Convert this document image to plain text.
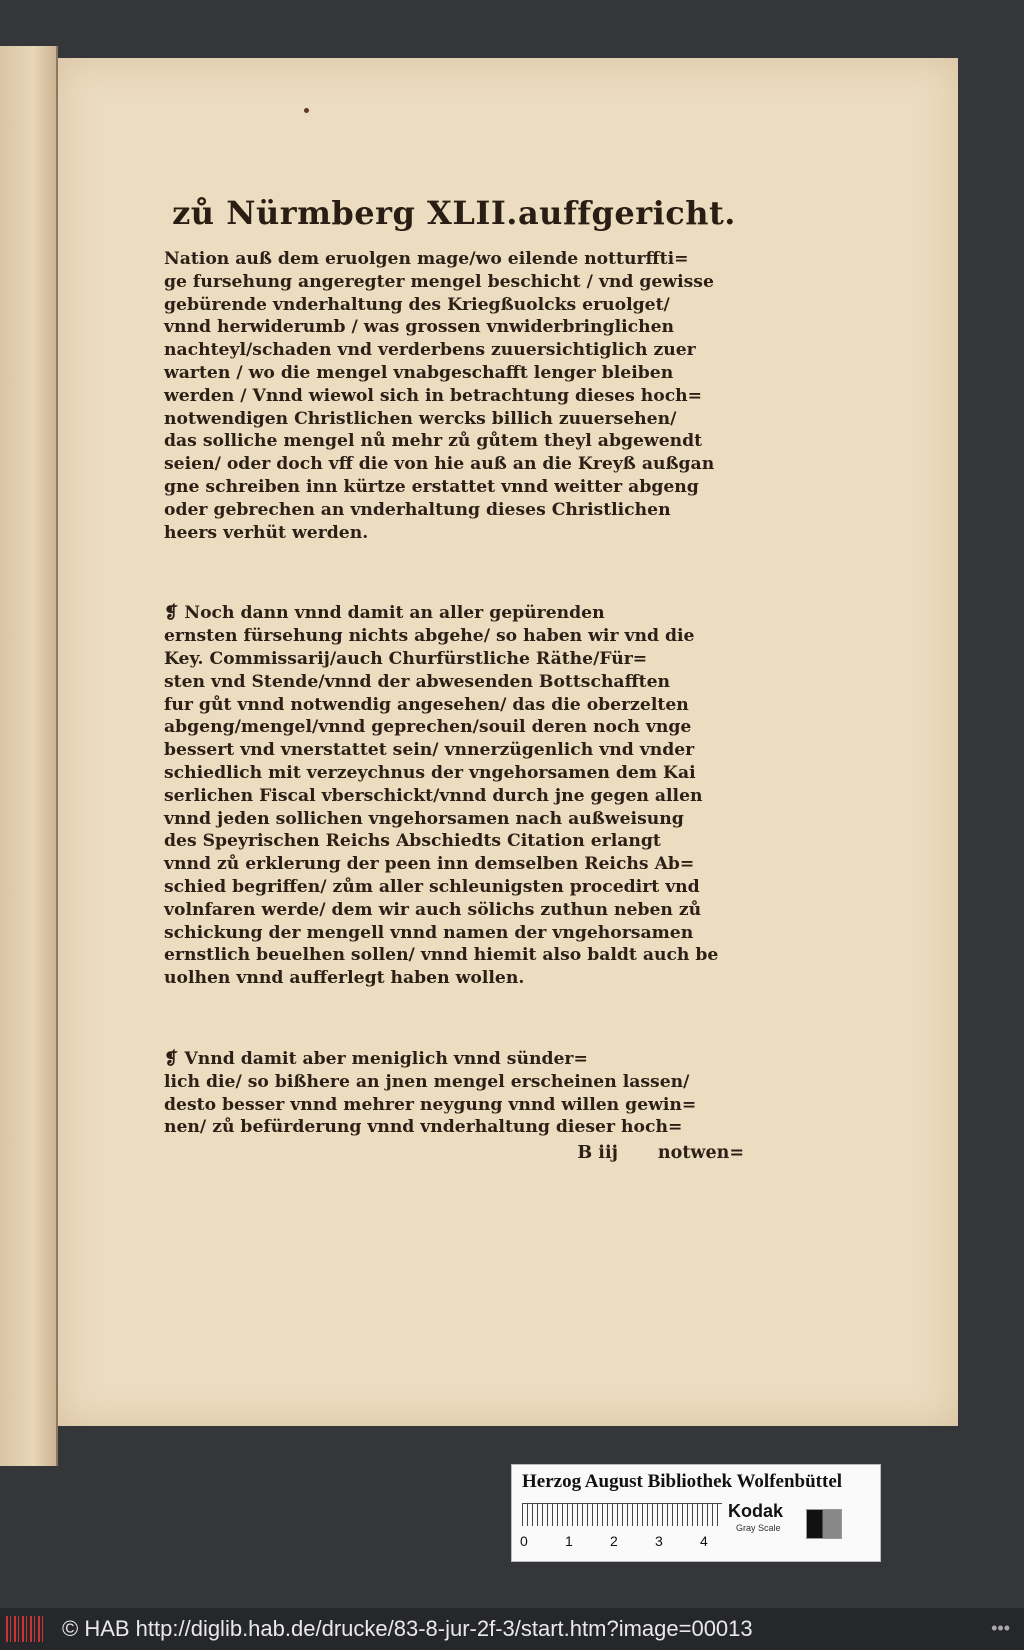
zů Nürmberg XLII.auffgericht.
Nation auß dem eruolgen mage/wo eilende notturffti=
ge fursehung angeregter mengel beschicht / vnd gewisse
gebürende vnderhaltung des Kriegßuolcks eruolget/
vnnd herwiderumb / was grossen vnwiderbringlichen
nachteyl/schaden vnd verderbens zuuersichtiglich zuer
warten / wo die mengel vnabgeschafft lenger bleiben
werden / Vnnd wiewol sich in betrachtung dieses hoch=
notwendigen Christlichen wercks billich zuuersehen/
das solliche mengel nů mehr zů gůtem theyl abgewendt
seien/ oder doch vff die von hie auß an die Kreyß außgan
gne schreiben inn kürtze erstattet vnnd weitter abgeng
oder gebrechen an vnderhaltung dieses Christlichen
heers verhüt werden.
❡ Noch dann vnnd damit an aller gepürenden
ernsten fürsehung nichts abgehe/ so haben wir vnd die
Key. Commissarij/auch Churfürstliche Räthe/Für=
sten vnd Stende/vnnd der abwesenden Bottschafften
fur gůt vnnd notwendig angesehen/ das die oberzelten
abgeng/mengel/vnnd geprechen/souil deren noch vnge
bessert vnd vnerstattet sein/ vnnerzügenlich vnd vnder
schiedlich mit verzeychnus der vngehorsamen dem Kai
serlichen Fiscal vberschickt/vnnd durch jne gegen allen
vnnd jeden sollichen vngehorsamen nach außweisung
des Speyrischen Reichs Abschiedts Citation erlangt
vnnd zů erklerung der peen inn demselben Reichs Ab=
schied begriffen/ zům aller schleunigsten procedirt vnd
volnfaren werde/ dem wir auch sölichs zuthun neben zů
schickung der mengell vnnd namen der vngehorsamen
ernstlich beuelhen sollen/ vnnd hiemit also baldt auch be
uolhen vnnd aufferlegt haben wollen.
❡ Vnnd damit aber meniglich vnnd sünder=
lich die/ so bißhere an jnen mengel erscheinen lassen/
desto besser vnnd mehrer neygung vnnd willen gewin=
nen/ zů befürderung vnnd vnderhaltung dieser hoch=
B iij notwen=
Herzog August Bibliothek Wolfenbüttel
0	1	2	3	4
Kodak
Gray Scale
© HAB http://diglib.hab.de/drucke/83-8-jur-2f-3/start.htm?image=00013	•••
